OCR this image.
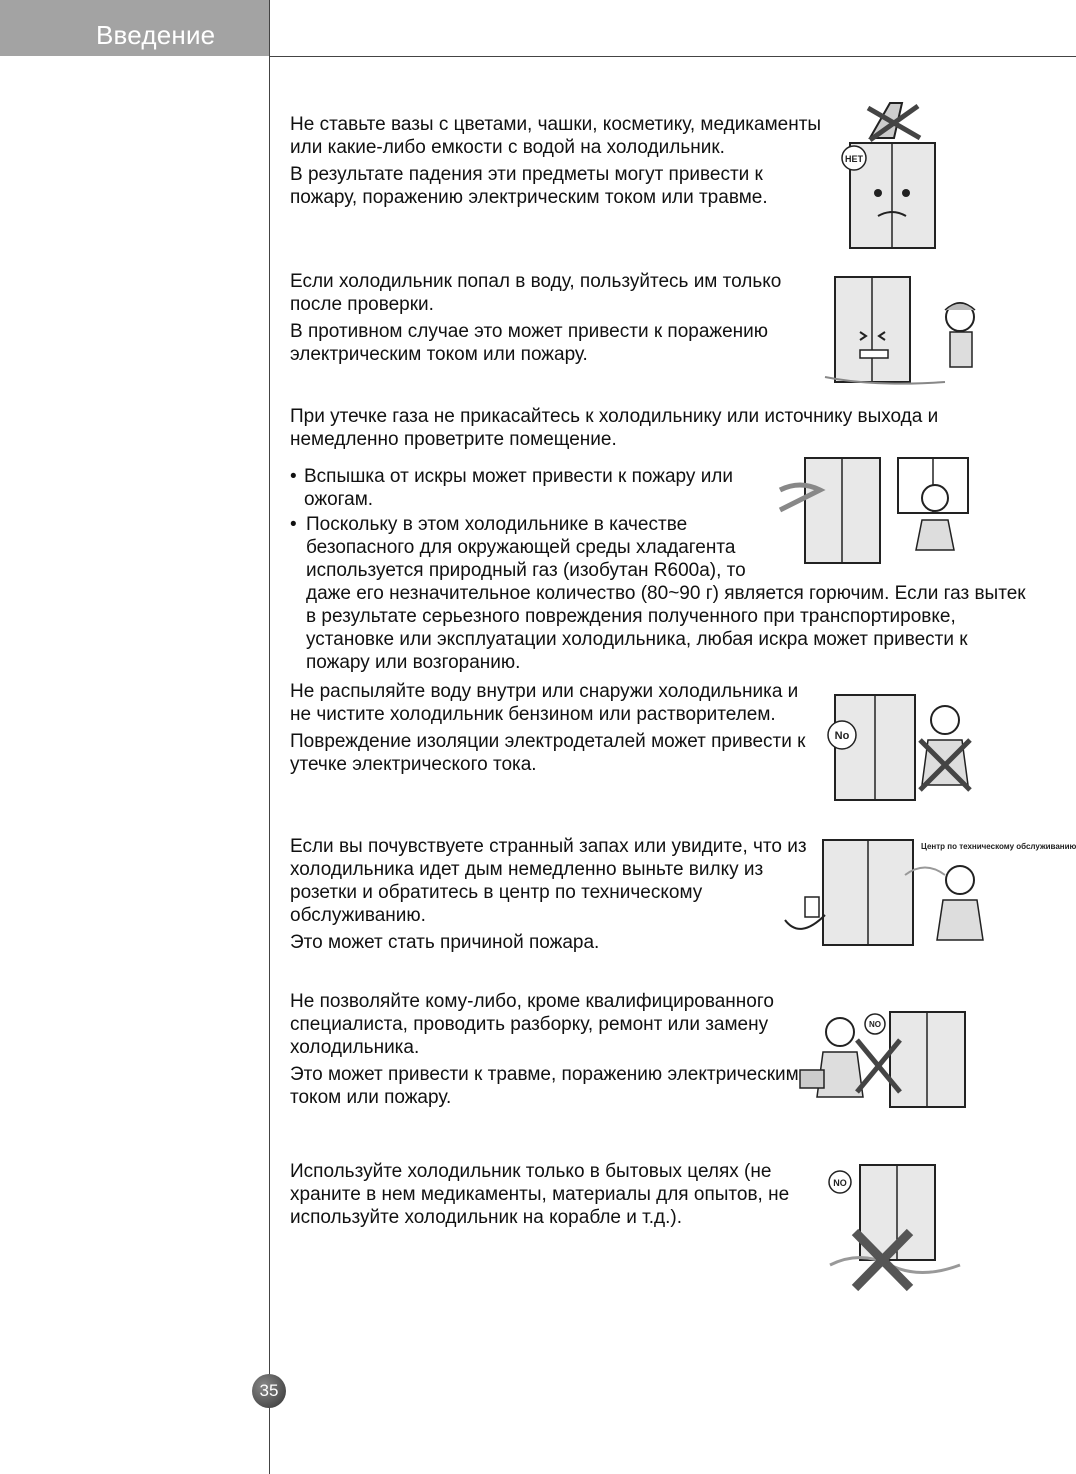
Введение

Не ставьте вазы с цветами, чашки, косметику, медикаменты или какие-либо емкости с водой на холодильник.

В результате падения эти предметы могут привести к пожару, поражению электрическим током или травме.

НЕТ

Если холодильник попал в воду, пользуйтесь им только после проверки.

В противном случае это может привести к поражению электрическим током или пожару.

При утечке газа не прикасайтесь к холодильнику или источнику выхода и немедленно проветрите помещение.

• Вспышка от искры может привести к пожару или ожогам.
• Поскольку в этом холодильнике в качестве безопасного для окружающей среды хладагента используется природный газ (изобутан R600a), то даже его незначительное количество (80~90 г) является горючим. Если газ вытек в результате серьезного повреждения полученного при транспортировке, установке или эксплуатации холодильника, любая искра может привести к пожару или возгоранию.

Не распыляйте воду внутри или снаружи холодильника и не чистите холодильник бензином или растворителем.

Повреждение изоляции электродеталей может привести к утечке электрического тока.

No

Если вы почувствуете странный запах или увидите, что из холодильника идет дым немедленно выньте вилку из розетки и обратитесь в центр по техническому обслуживанию.

Это может стать причиной пожара.

Центр по техническому обслуживанию

Не позволяйте кому-либо, кроме квалифицированного специалиста, проводить разборку, ремонт или замену холодильника.

Это может привести к травме, поражению электрическим током или пожару.

NO

Используйте холодильник только в бытовых целях (не храните в нем медикаменты, материалы для опытов, не используйте холодильник на корабле и т.д.).

NO
35
